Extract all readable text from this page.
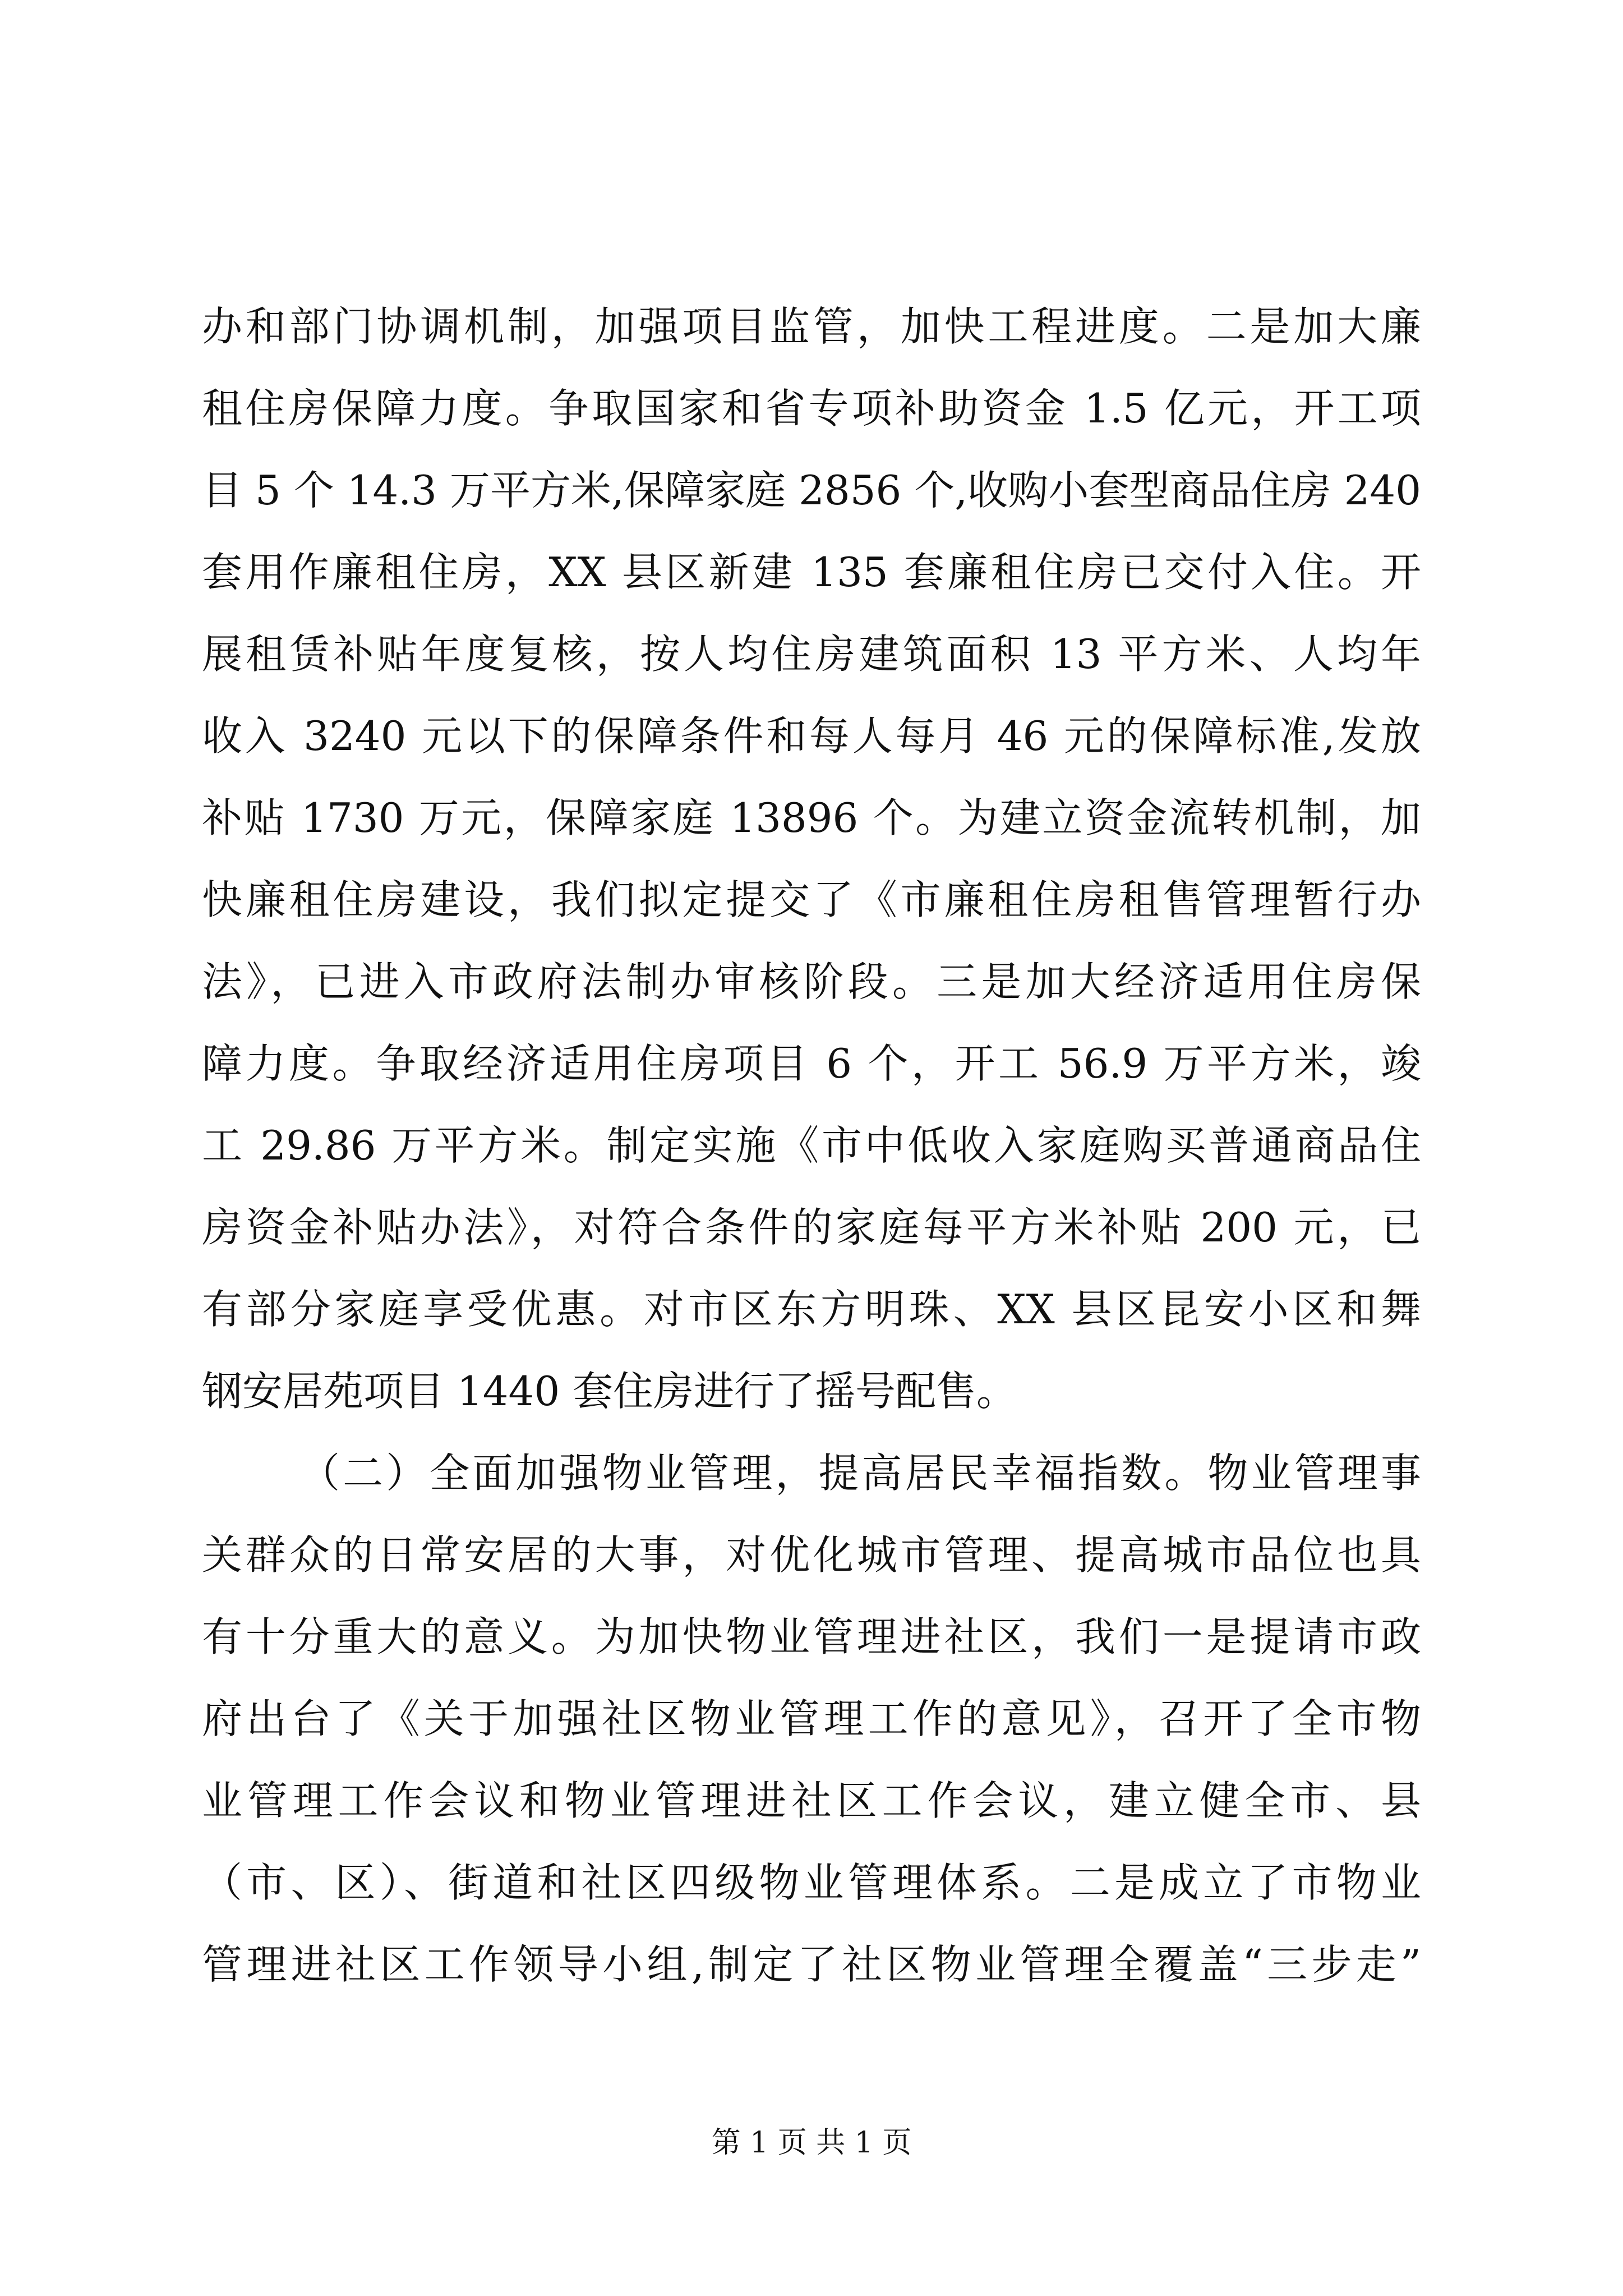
办和部门协调机制，加强项目监管，加快工程进度。二是加大廉
租住房保障力度。争取国家和省专项补助资金 1.5 亿元，开工项
目 5 个 14.3 万平方米,保障家庭 2856 个,收购小套型商品住房 240
套用作廉租住房，XX 县区新建 135 套廉租住房已交付入住。开
展租赁补贴年度复核，按人均住房建筑面积 13 平方米、人均年
收入 3240 元以下的保障条件和每人每月 46 元的保障标准,发放
补贴 1730 万元，保障家庭 13896 个。为建立资金流转机制，加
快廉租住房建设，我们拟定提交了《市廉租住房租售管理暂行办
法》，已进入市政府法制办审核阶段。三是加大经济适用住房保
障力度。争取经济适用住房项目 6 个，开工 56.9 万平方米，竣
工 29.86 万平方米。制定实施《市中低收入家庭购买普通商品住
房资金补贴办法》，对符合条件的家庭每平方米补贴 200 元，已
有部分家庭享受优惠。对市区东方明珠、XX 县区昆安小区和舞
钢安居苑项目 1440 套住房进行了摇号配售。
（二）全面加强物业管理，提高居民幸福指数。物业管理事
关群众的日常安居的大事，对优化城市管理、提高城市品位也具
有十分重大的意义。为加快物业管理进社区，我们一是提请市政
府出台了《关于加强社区物业管理工作的意见》，召开了全市物
业管理工作会议和物业管理进社区工作会议，建立健全市、县
（市、区）、街道和社区四级物业管理体系。二是成立了市物业
管理进社区工作领导小组,制定了社区物业管理全覆盖“三步走”
第 1 页 共 1 页
